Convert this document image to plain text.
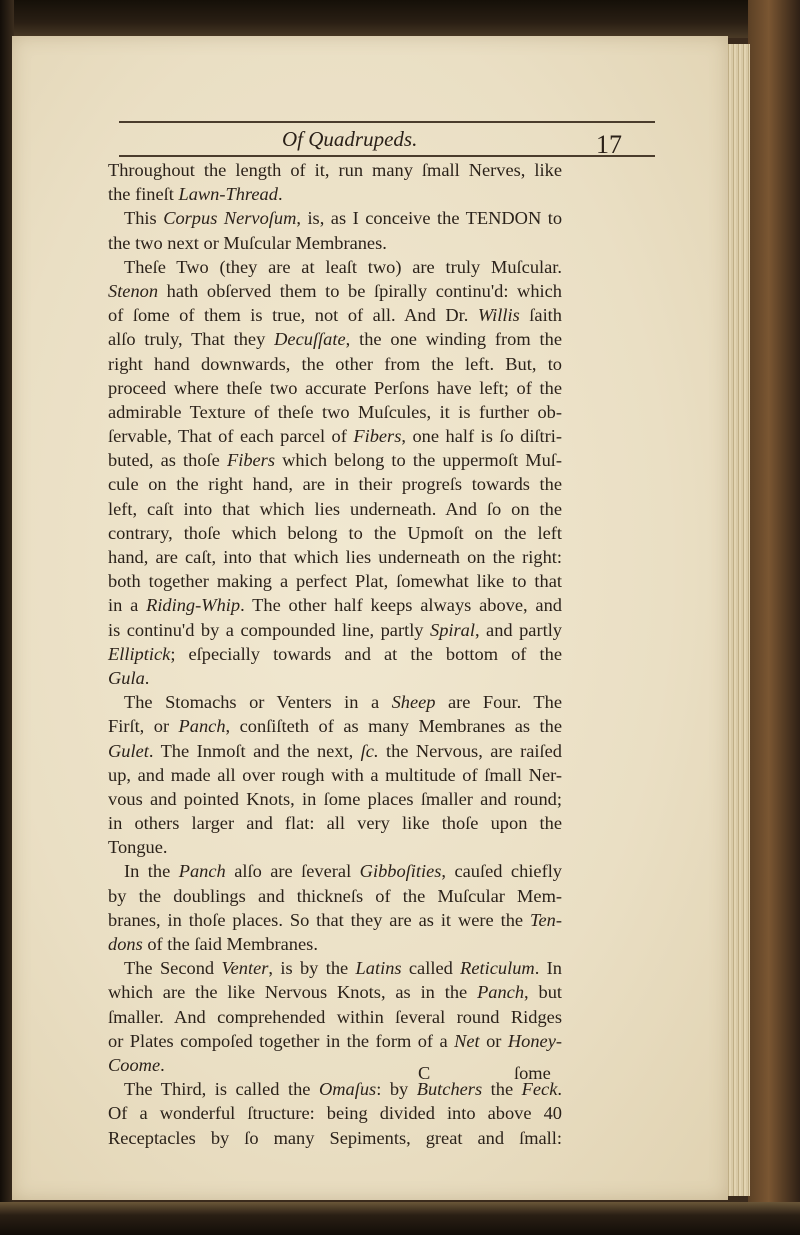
Of Quadrupeds.	17
Throughout the length of it, run many ſmall Nerves, like
the fineſt Lawn-Thread.
This Corpus Nervoſum, is, as I conceive the TENDON to
the two next or Muſcular Membranes.
Theſe Two (they are at leaſt two) are truly Muſcular.
Stenon hath obſerved them to be ſpirally continu'd: which
of ſome of them is true, not of all. And Dr. Willis ſaith
alſo truly, That they Decuſſate, the one winding from the
right hand downwards, the other from the left. But, to
proceed where theſe two accurate Perſons have left; of the
admirable Texture of theſe two Muſcules, it is further ob-
ſervable, That of each parcel of Fibers, one half is ſo diſtri-
buted, as thoſe Fibers which belong to the uppermoſt Muſ-
cule on the right hand, are in their progreſs towards the
left, caſt into that which lies underneath. And ſo on the
contrary, thoſe which belong to the Upmoſt on the left
hand, are caſt, into that which lies underneath on the right:
both together making a perfect Plat, ſomewhat like to that
in a Riding-Whip. The other half keeps always above, and
is continu'd by a compounded line, partly Spiral, and partly
Elliptick; eſpecially towards and at the bottom of the
Gula.
The Stomachs or Venters in a Sheep are Four. The
Firſt, or Panch, conſiſteth of as many Membranes as the
Gulet. The Inmoſt and the next, ſc. the Nervous, are raiſed
up, and made all over rough with a multitude of ſmall Ner-
vous and pointed Knots, in ſome places ſmaller and round;
in others larger and flat: all very like thoſe upon the
Tongue.
In the Panch alſo are ſeveral Gibboſities, cauſed chiefly
by the doublings and thickneſs of the Muſcular Mem-
branes, in thoſe places. So that they are as it were the Ten-
dons of the ſaid Membranes.
The Second Venter, is by the Latins called Reticulum. In
which are the like Nervous Knots, as in the Panch, but
ſmaller. And comprehended within ſeveral round Ridges
or Plates compoſed together in the form of a Net or Honey-
Coome.
The Third, is called the Omaſus: by Butchers the Feck.
Of a wonderful ſtructure: being divided into above 40
Receptacles by ſo many Sepiments, great and ſmall:
C	ſome
